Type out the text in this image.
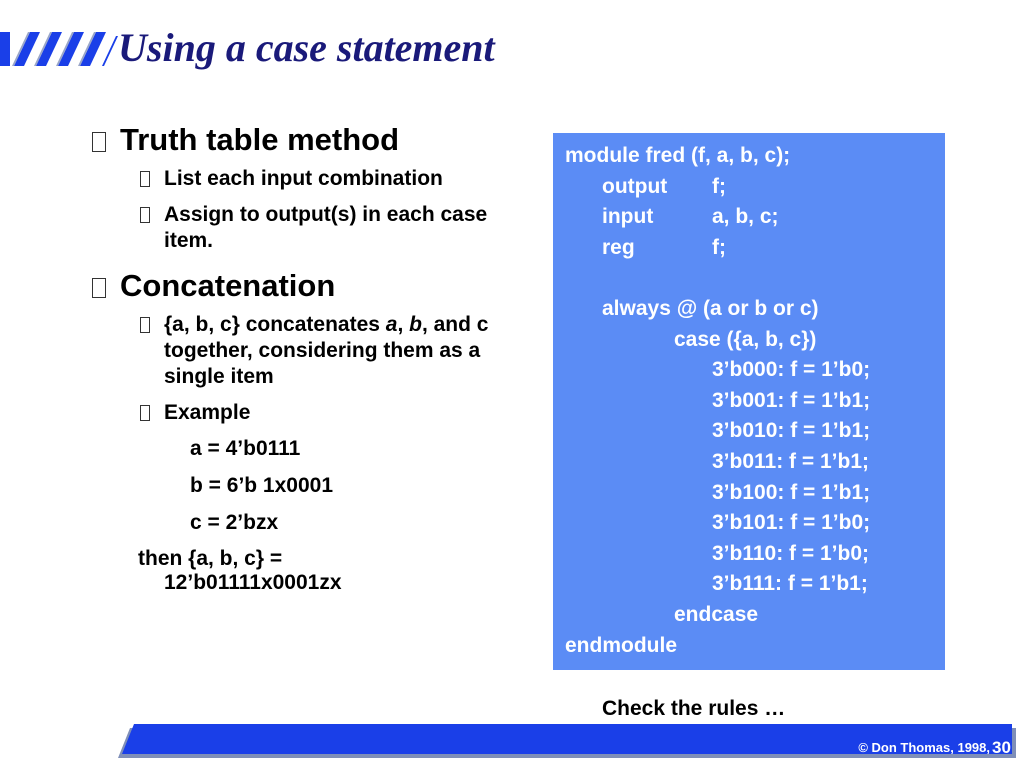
Using a case statement
Truth table method
List each input combination
Assign to output(s) in each case item.
Concatenation
{a, b, c} concatenates a, b, and c together, considering them as a single item
Example
a = 4’b0111
b = 6’b 1x0001
c = 2’bzx
then {a, b, c} =
12’b01111x0001zx
module fred (f, a, b, c);
output f;
input	a, b, c;
reg	f;
always @ (a or b or c)
case ({a, b, c})
3’b000: f = 1’b0;
3’b001: f = 1’b1;
3’b010: f = 1’b1;
3’b011: f = 1’b1;
3’b100: f = 1’b1;
3’b101: f = 1’b0;
3’b110: f = 1’b0;
3’b111: f = 1’b1;
endcase
endmodule
Check the rules …
© Don Thomas, 1998, 30
